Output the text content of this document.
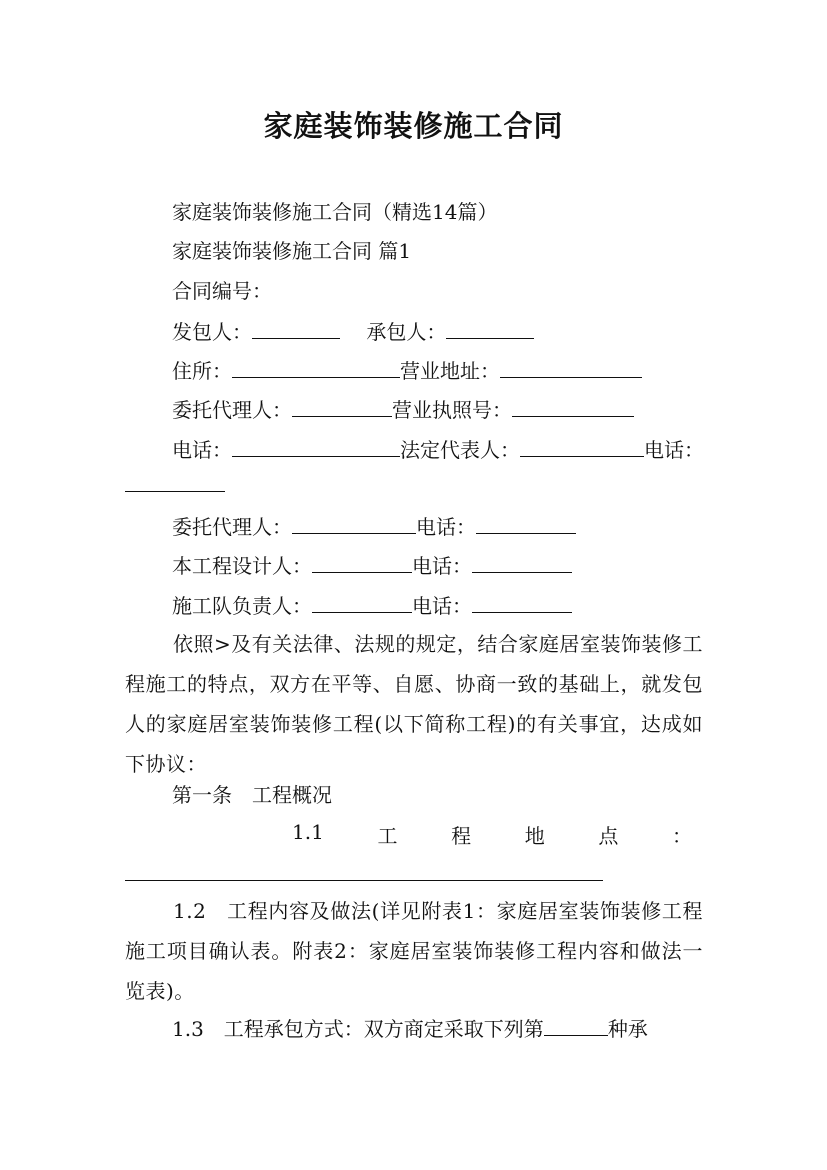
家庭装饰装修施工合同
家庭装饰装修施工合同（精选14篇）
家庭装饰装修施工合同 篇1
合同编号：
发包人：	承包人：
住所：	营业地址：
委托代理人：	营业执照号：
电话：	法定代表人：	电话：
委托代理人：	电话：
本工程设计人：	电话：
施工队负责人：	电话：
依照>及有关法律、法规的规定，结合家庭居室装饰装修工程施工的特点，双方在平等、自愿、协商一致的基础上，就发包人的家庭居室装饰装修工程(以下简称工程)的有关事宜，达成如下协议：
第一条　工程概况
1.1	工	程	地	点	：
1.2　工程内容及做法(详见附表1：家庭居室装饰装修工程施工项目确认表。附表2：家庭居室装饰装修工程内容和做法一览表)。
1.3　工程承包方式：双方商定采取下列第	种承
